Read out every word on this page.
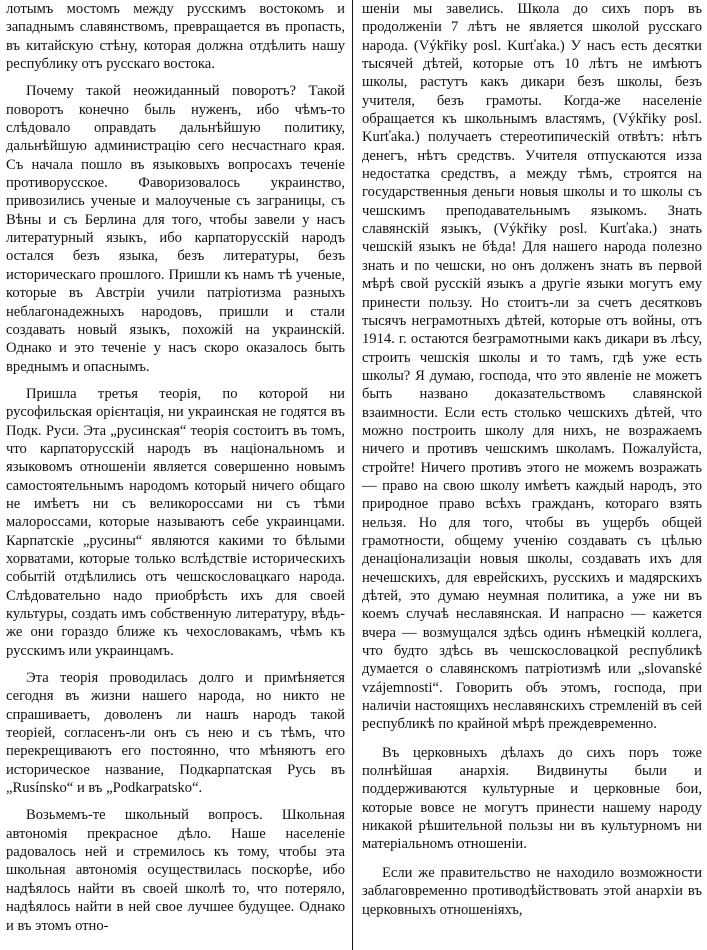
лотымъ мостомъ между русскимъ востокомъ и западнымъ славянствомъ, превращается въ пропасть, въ китайскую стѣну, которая должна отдѣлить нашу республику отъ русскаго востока.

Почему такой неожиданный поворотъ? Такой поворотъ конечно быль нуженъ, ибо чѣмъ-то слѣдовало оправдать дальнѣйшую политику, дальнѣйшую администрацію сего несчастнаго края. Съ начала пошло въ языковыхъ вопросахъ теченіе противорусское. Фаворизовалось украинство, привозились ученые и малоученые съ заграницы, съ Вѣны и съ Берлина для того, чтобы завели у насъ литературный языкъ, ибо карпаторусскій народъ остался безъ языка, безъ литературы, безъ историческаго прошлого. Пришли къ намъ тѣ ученые, которые въ Австріи учили патріотизма разныхъ неблагонадежныхъ народовъ, пришли и стали создавать новый языкъ, похожій на украинскій. Однако и это теченіе у насъ скоро оказалось быть вреднымъ и опаснымъ.

Пришла третья теорія, по которой ни русофильская орієнтація, ни украинская не годятся въ Подк. Руси. Эта „русинская“ теорія состоитъ въ томъ, что карпаторусскій народъ въ національномъ и языковомъ отношеніи является совершенно новымъ самостоятельнымъ народомъ который ничего общаго не имѣетъ ни съ великороссами ни съ тѣми малороссами, которые называютъ себе украинцами. Карпатскіе „русины“ являются какими то бѣлыми хорватами, которые только вслѣдствіе историческихъ событій отдѣлились отъ чешскословацкаго народа. Слѣдовательно надо приобрѣсть ихъ для своей культуры, создать имъ собственную литературу, вѣдь-же они гораздо ближе къ чехословакамъ, чѣмъ къ русскимъ или украинцамъ.

Эта теорія проводилась долго и примѣняется сегодня въ жизни нашего народа, но никто не спрашиваетъ, доволенъ ли нашъ народъ такой теоріей, согласенъ-ли онъ съ нею и съ тѣмъ, что перекрещиваютъ его постоянно, что мѣняютъ его историческое название, Подкарпатская Русь въ „Rusínsko“ и въ „Podkarpatsko“.

Возьмемъ-те школьный вопросъ. Школьная автономія прекрасное дѣло. Наше населеніе радовалось ней и стремилось къ тому, чтобы эта школьная автономія осуществилась поскорѣе, ибо надѣялось найти въ своей школѣ то, что потеряло, надѣялось найти в ней свое лучшее будущее. Однако и въ этомъ отно-

шеніи мы завелись. Школа до сихъ поръ въ продолженіи 7 лѣтъ не является школой русскаго народа. (Výkřiky posl. Kurťaka.) У насъ есть десятки тысячей дѣтей, которые отъ 10 лѣтъ не имѣютъ школы, растутъ какъ дикари безъ школы, безъ учителя, безъ грамоты. Когда-же населеніе обращается къ школьнымъ властямъ, (Výkřiky posl. Kurťaka.) получаетъ стереотипическій отвѣтъ: нѣтъ денегъ, нѣтъ средствъ. Учителя отпускаются изза недостатка средствъ, а между тѣмъ, строятся на государственныя деньги новыя школы и то школы съ чешскимъ преподавательнымъ языкомъ. Знать славянскій языкъ, (Výkřiky posl. Kurťaka.) знать чешскій языкъ не бѣда! Для нашего народа полезно знать и по чешски, но онъ долженъ знать въ первой мѣрѣ свой русскій языкъ а другіе языки могутъ ему принести пользу. Но стоитъ-ли за счетъ десятковъ тысячъ неграмотныхъ дѣтей, которые отъ войны, отъ 1914. г. остаются безграмотными какъ дикари въ лѣсу, строить чешскія школы и то тамъ, гдѣ уже есть школы? Я думаю, господа, что это явленіе не можетъ быть названо доказательствомъ славянской взаимности. Если есть столько чешскихъ дѣтей, что можно построить школу для нихъ, не возражаемъ ничего и противъ чешскимъ школамъ. Пожалуйста, стройте! Ничего противъ этого не можемъ возражать — право на свою школу имѣетъ каждый народъ, это природное право всѣхъ гражданъ, котораго взять нельзя. Но для того, чтобы въ ущербъ общей грамотности, общему ученію создавать съ цѣлью денаціонализаціи новыя школы, создавать ихъ для нечешскихъ, для еврейскихъ, русскихъ и мадярскихъ дѣтей, это думаю неумная политика, а уже ни въ коемъ случаѣ неславянская. И напрасно — кажется вчера — возмущался здѣсь одинъ нѣмецкій коллега, что будто здѣсь въ чешскословацкой республикѣ думается о славянскомъ патріотизмѣ или „slovanské vzájemnosti“. Говорить объ этомъ, господа, при наличіи настоящихъ неславянскихъ стремленій въ сей республикѣ по крайной мѣрѣ преждевременно.

Въ церковныхъ дѣлахъ до сихъ поръ тоже полнѣйшая анархія. Видвинуты были и поддерживаются культурные и церковные бои, которые вовсе не могутъ принести нашему народу никакой рѣшительной пользы ни въ культурномъ ни матеріальномъ отношеніи.

Если же правительство не находило возможности заблаговременно противодѣйствовать этой анархіи въ церковныхъ отношеніяхъ,
